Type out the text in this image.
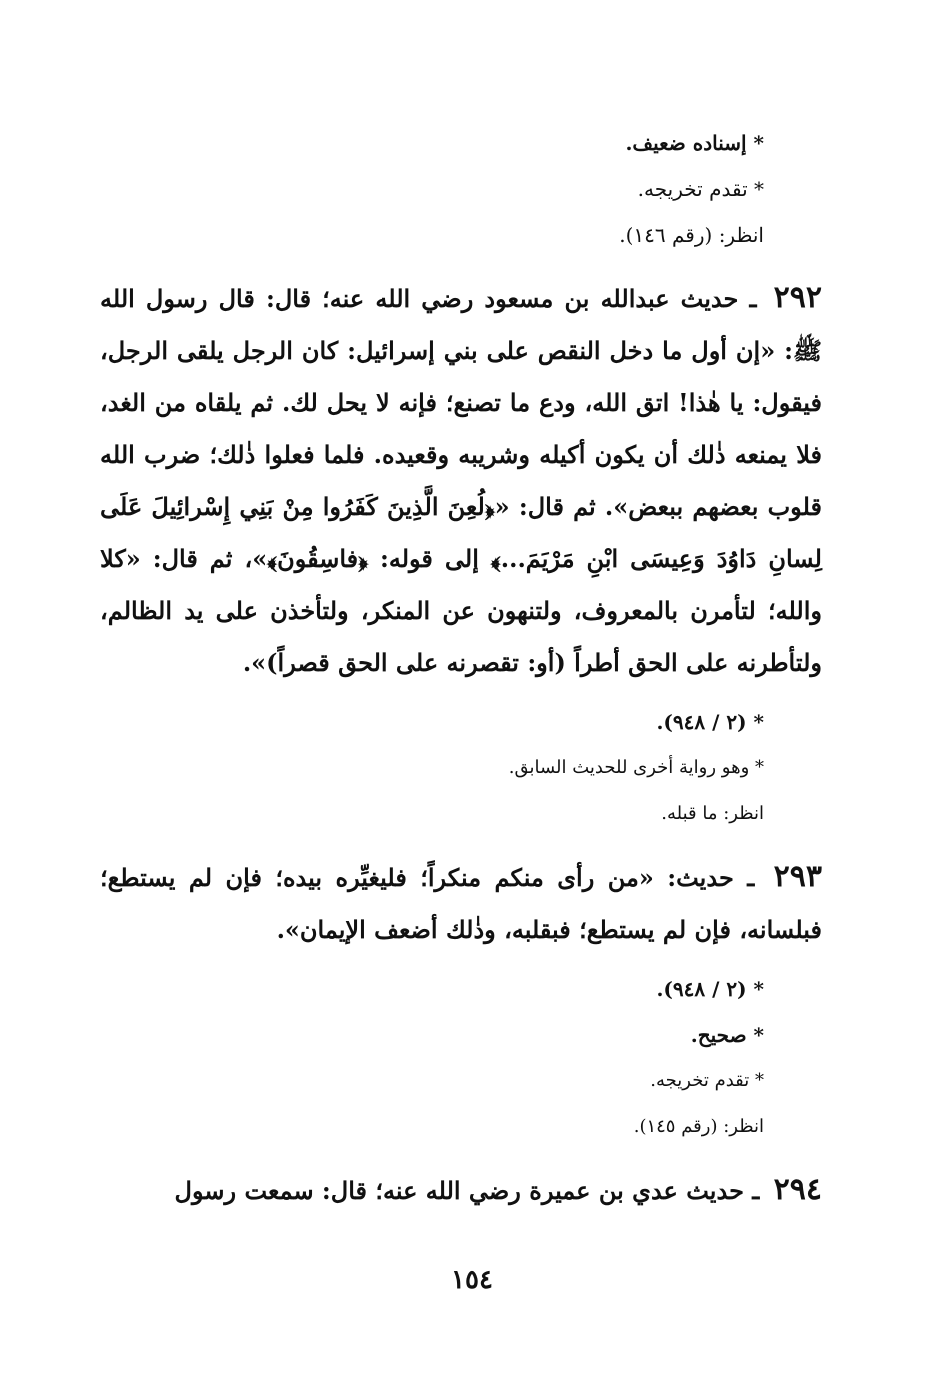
* إسناده ضعيف.
* تقدم تخريجه.
انظر: (رقم ١٤٦).
٢٩٢ ـ حديث عبدالله بن مسعود رضي الله عنه؛ قال: قال رسول الله ﷺ: «إن أول ما دخل النقص على بني إسرائيل: كان الرجل يلقى الرجل، فيقول: يا هٰذا! اتق الله، ودع ما تصنع؛ فإنه لا يحل لك. ثم يلقاه من الغد، فلا يمنعه ذٰلك أن يكون أكيله وشريبه وقعيده. فلما فعلوا ذٰلك؛ ضرب الله قلوب بعضهم ببعض». ثم قال: «﴿لُعِنَ الَّذِينَ كَفَرُوا مِنْ بَنِي إِسْرائِيلَ عَلَى لِسانِ دَاوُدَ وَعِيسَى ابْنِ مَرْيَمَ...﴾ إلى قوله: ﴿فاسِقُونَ﴾»، ثم قال: «كلا والله؛ لتأمرن بالمعروف، ولتنهون عن المنكر، ولتأخذن على يد الظالم، ولتأطرنه على الحق أطراً (أو: تقصرنه على الحق قصراً)».
* (٢ / ٩٤٨).
* وهو رواية أخرى للحديث السابق.
انظر: ما قبله.
٢٩٣ ـ حديث: «من رأى منكم منكراً؛ فليغيِّره بيده؛ فإن لم يستطع؛ فبلسانه، فإن لم يستطع؛ فبقلبه، وذٰلك أضعف الإيمان».
* (٢ / ٩٤٨).
* صحيح.
* تقدم تخريجه.
انظر: (رقم ١٤٥).
٢٩٤ ـ حديث عدي بن عميرة رضي الله عنه؛ قال: سمعت رسول
١٥٤
